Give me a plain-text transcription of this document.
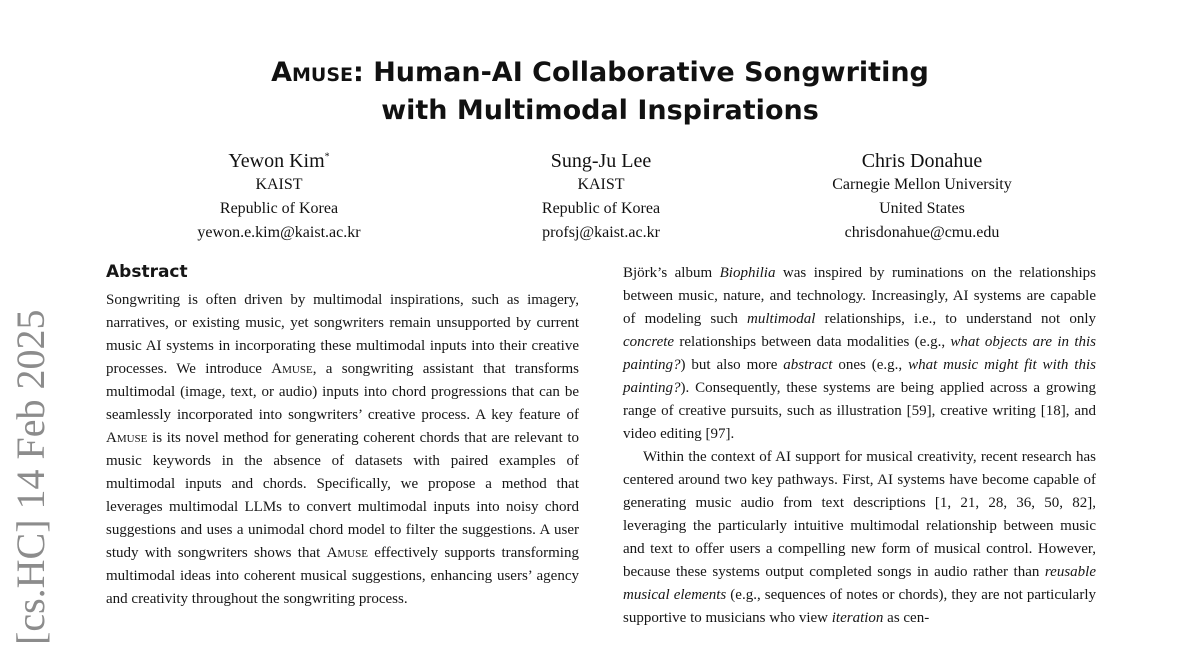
Amuse: Human-AI Collaborative Songwriting
with Multimodal Inspirations
Yewon Kim*
KAIST
Republic of Korea
yewon.e.kim@kaist.ac.kr
Sung-Ju Lee
KAIST
Republic of Korea
profsj@kaist.ac.kr
Chris Donahue
Carnegie Mellon University
United States
chrisdonahue@cmu.edu
[cs.HC] 14 Feb 2025
Abstract

Songwriting is often driven by multimodal inspirations, such as imagery, narratives, or existing music, yet songwriters remain unsupported by current music AI systems in incorporating these multimodal inputs into their creative processes. We introduce Amuse, a songwriting assistant that transforms multimodal (image, text, or audio) inputs into chord progressions that can be seamlessly incorporated into songwriters’ creative process. A key feature of Amuse is its novel method for generating coherent chords that are relevant to music keywords in the absence of datasets with paired examples of multimodal inputs and chords. Specifically, we propose a method that leverages multimodal LLMs to convert multimodal inputs into noisy chord suggestions and uses a unimodal chord model to filter the suggestions. A user study with songwriters shows that Amuse effectively supports transforming multimodal ideas into coherent musical suggestions, enhancing users’ agency and creativity throughout the songwriting process.

Björk’s album Biophilia was inspired by ruminations on the relationships between music, nature, and technology. Increasingly, AI systems are capable of modeling such multimodal relationships, i.e., to understand not only concrete relationships between data modalities (e.g., what objects are in this painting?) but also more abstract ones (e.g., what music might fit with this painting?). Consequently, these systems are being applied across a growing range of creative pursuits, such as illustration [59], creative writing [18], and video editing [97].

Within the context of AI support for musical creativity, recent research has centered around two key pathways. First, AI systems have become capable of generating music audio from text descriptions [1, 21, 28, 36, 50, 82], leveraging the particularly intuitive multimodal relationship between music and text to offer users a compelling new form of musical control. However, because these systems output completed songs in audio rather than reusable musical elements (e.g., sequences of notes or chords), they are not particularly supportive to musicians who view iteration as cen-
